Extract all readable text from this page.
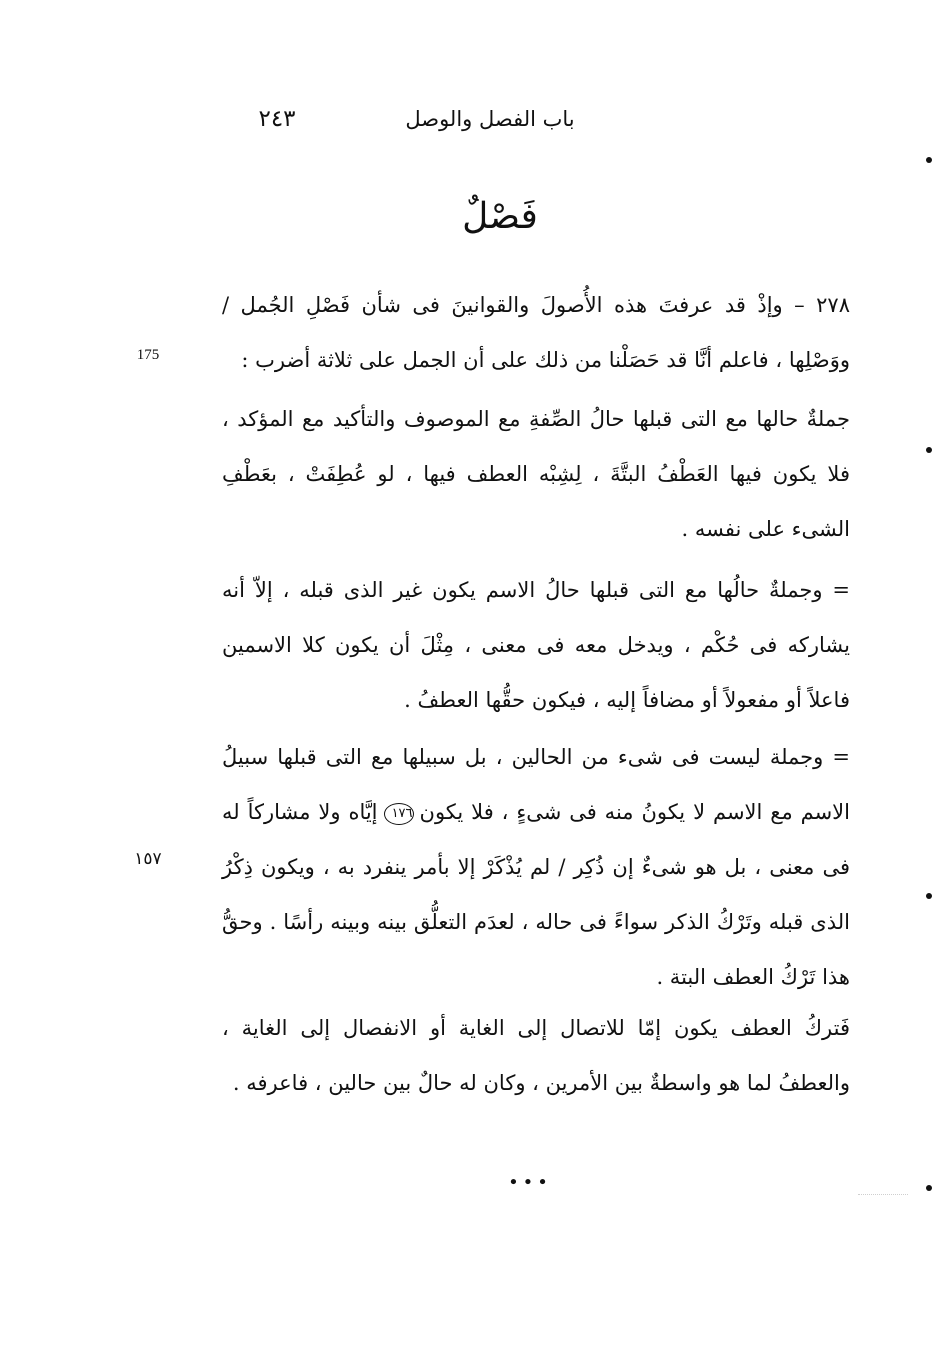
باب الفصل والوصل
٢٤٣
فَصْلٌ

٢٧٨ – وإذْ قد عرفتَ هذه الأُصولَ والقوانينَ فى شأن فَصْلِ الجُمل / ووَصْلِها ، فاعلم أنَّا قد حَصَلْنا من ذلك على أن الجمل على ثلاثة أضرب :

175

جملةٌ حالها مع التى قبلها حالُ الصِّفةِ مع الموصوف والتأكيد مع المؤكد ، فلا يكون فيها العَطْفُ البتَّةَ ، لِشِبْه العطف فيها ، لو عُطِفَتْ ، بعَطْفِ الشىء على نفسه .

= وجملةٌ حالُها مع التى قبلها حالُ الاسم يكون غير الذى قبله ، إلاّ أنه يشاركه فى حُكْم ، ويدخل معه فى معنى ، مِثْلَ أن يكون كلا الاسمين فاعلاً أو مفعولاً أو مضافاً إليه ، فيكون حقُّها العطفُ .

= وجملة ليست فى شىء من الحالين ، بل سبيلها مع التى قبلها سبيلُ الاسم مع الاسم لا يكونُ منه فى شىءٍ ، فلا يكون١٧٦إيَّاه ولا مشاركاً له فى معنى ، بل هو شىءٌ إن ذُكِر / لم يُذْكَرْ إلا بأمر ينفرد به ، ويكون ذِكْرُ الذى قبله وتَرْكُ الذكر سواءً فى حاله ، لعدَم التعلُّق بينه وبينه رأسًا . وحقُّ هذا تَرْكُ العطف البتة .

١٥٧

فَتركُ العطف يكون إمّا للاتصال إلى الغاية أو الانفصال إلى الغاية ، والعطفُ لما هو واسطةٌ بين الأمرين ، وكان له حالٌ بين حالين ، فاعرفه .

•••
